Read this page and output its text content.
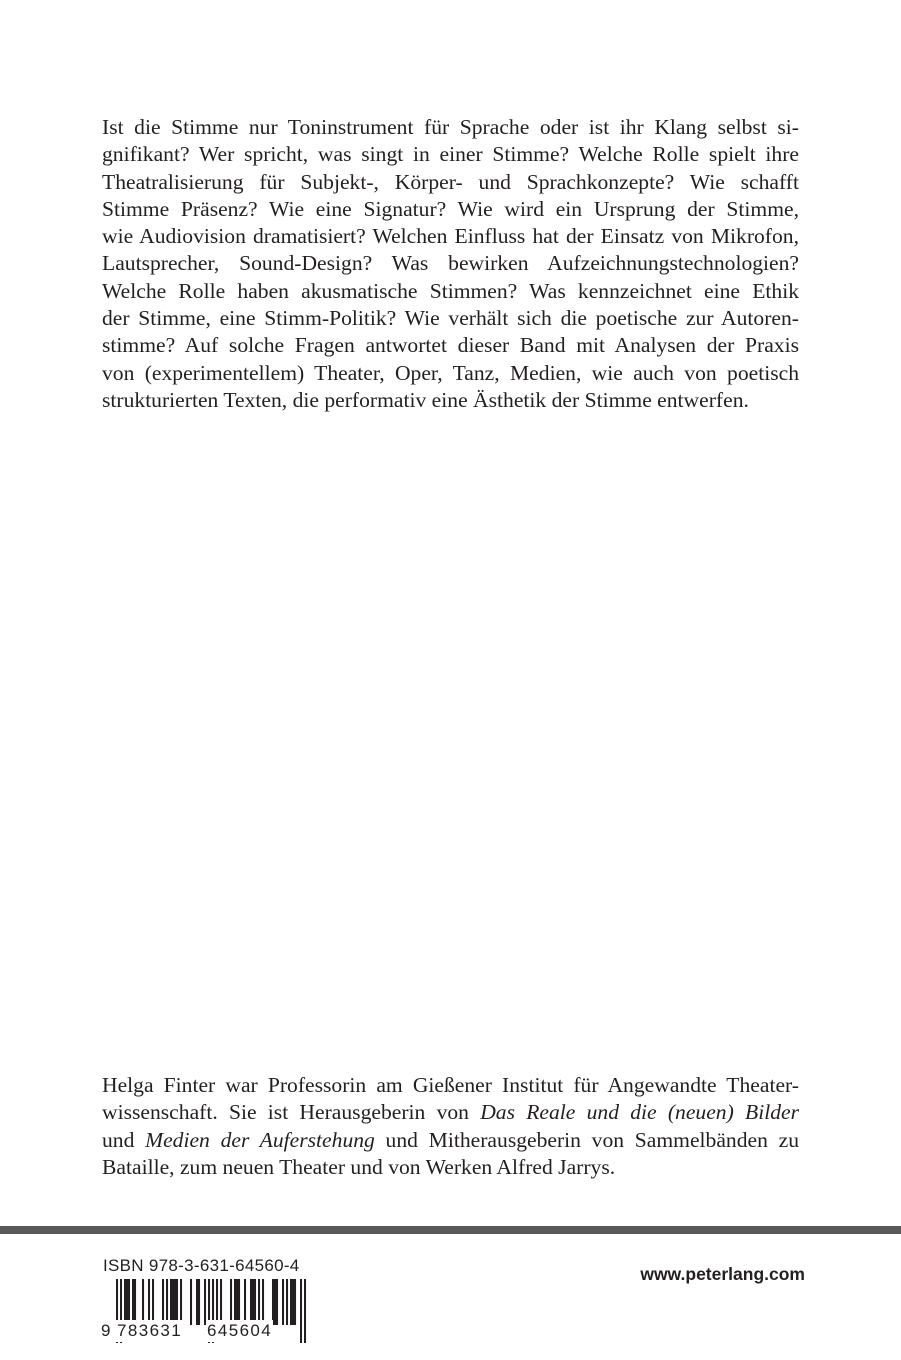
Ist die Stimme nur Toninstrument für Sprache oder ist ihr Klang selbst si-
gnifikant? Wer spricht, was singt in einer Stimme? Welche Rolle spielt ihre
Theatralisierung für Subjekt-, Körper- und Sprachkonzepte? Wie schafft
Stimme Präsenz? Wie eine Signatur? Wie wird ein Ursprung der Stimme,
wie Audiovision dramatisiert? Welchen Einfluss hat der Einsatz von Mikrofon,
Lautsprecher, Sound-Design? Was bewirken Aufzeichnungstechnologien?
Welche Rolle haben akusmatische Stimmen? Was kennzeichnet eine Ethik
der Stimme, eine Stimm-Politik? Wie verhält sich die poetische zur Autoren-
stimme? Auf solche Fragen antwortet dieser Band mit Analysen der Praxis
von (experimentellem) Theater, Oper, Tanz, Medien, wie auch von poetisch
strukturierten Texten, die performativ eine Ästhetik der Stimme entwerfen.
Helga Finter war Professorin am Gießener Institut für Angewandte Theater-
wissenschaft. Sie ist Herausgeberin von Das Reale und die (neuen) Bilder
und Medien der Auferstehung und Mitherausgeberin von Sammelbänden zu
Bataille, zum neuen Theater und von Werken Alfred Jarrys.
ISBN 978-3-631-64560-4
9 783631 645604
www.peterlang.com
